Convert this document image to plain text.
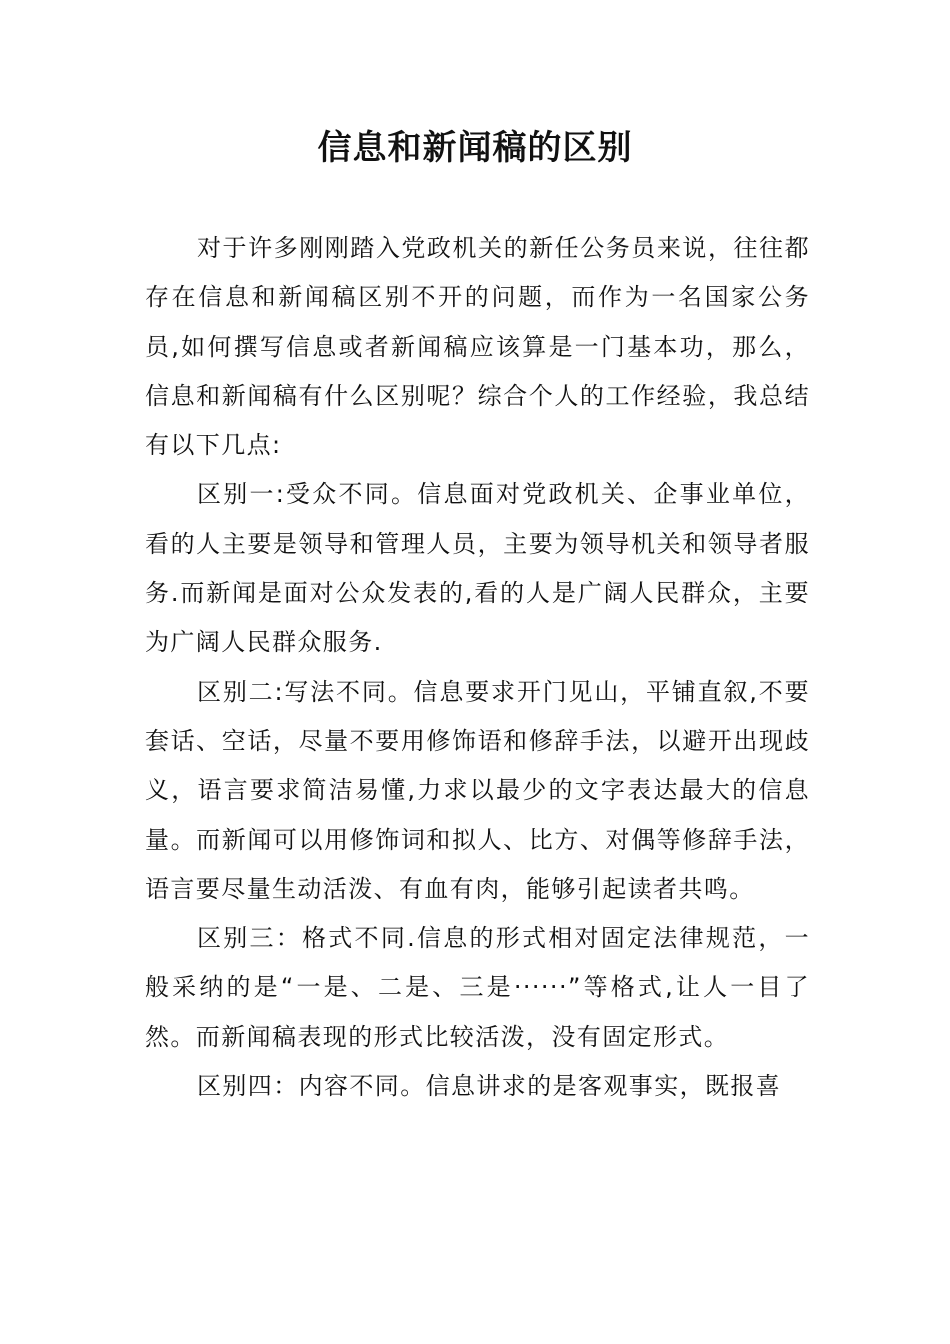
信息和新闻稿的区别

对于许多刚刚踏入党政机关的新任公务员来说，往往都存在信息和新闻稿区别不开的问题，而作为一名国家公务员,如何撰写信息或者新闻稿应该算是一门基本功，那么，信息和新闻稿有什么区别呢？综合个人的工作经验，我总结有以下几点:

区别一:受众不同。信息面对党政机关、企事业单位，看的人主要是领导和管理人员，主要为领导机关和领导者服务.而新闻是面对公众发表的,看的人是广阔人民群众，主要为广阔人民群众服务.

区别二:写法不同。信息要求开门见山，平铺直叙,不要套话、空话，尽量不要用修饰语和修辞手法，以避开出现歧义，语言要求简洁易懂,力求以最少的文字表达最大的信息量。而新闻可以用修饰词和拟人、比方、对偶等修辞手法，语言要尽量生动活泼、有血有肉，能够引起读者共鸣。

区别三：格式不同.信息的形式相对固定法律规范，一般采纳的是“一是、二是、三是······”等格式,让人一目了然。而新闻稿表现的形式比较活泼，没有固定形式。

区别四：内容不同。信息讲求的是客观事实，既报喜
